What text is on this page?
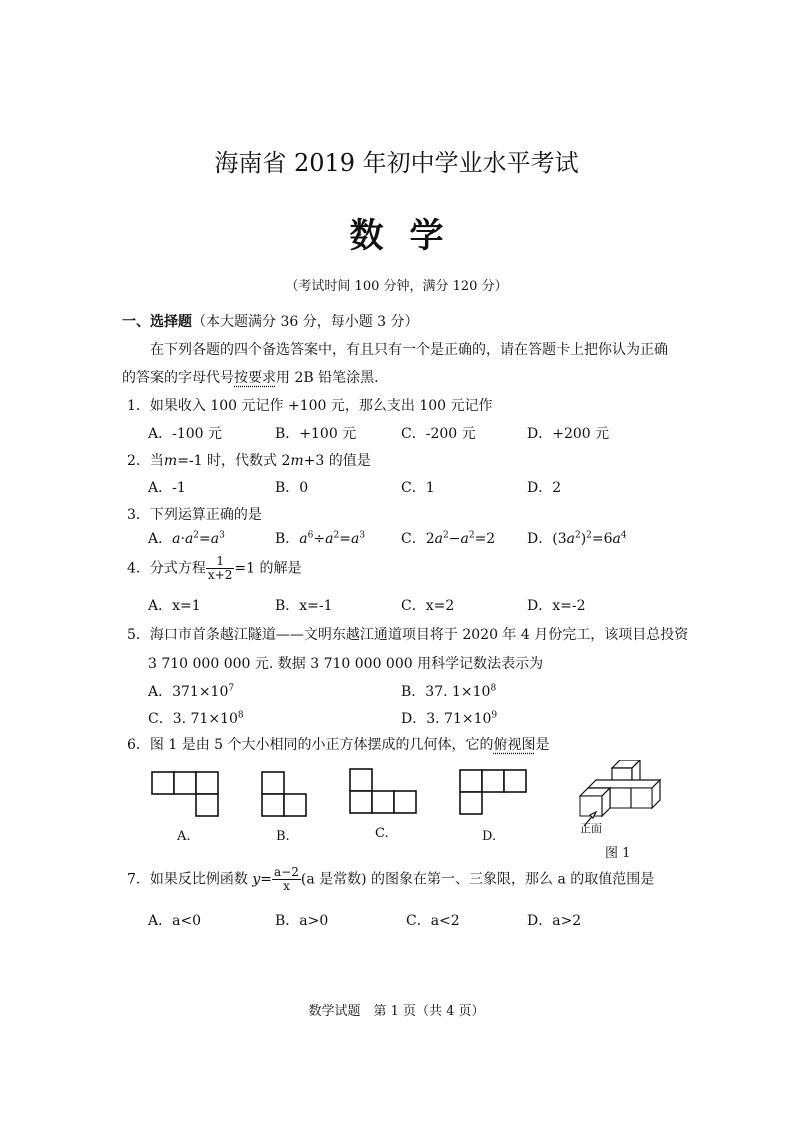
海南省 2019 年初中学业水平考试
数学
（考试时间 100 分钟，满分 120 分）
一、选择题（本大题满分 36 分，每小题 3 分）
在下列各题的四个备选答案中，有且只有一个是正确的，请在答题卡上把你认为正确
的答案的字母代号按要求用 2B 铅笔涂黑.
1．如果收入 100 元记作 +100 元，那么支出 100 元记作
A．-100 元	B．+100 元	C．-200 元	D．+200 元
2．当m=-1 时，代数式 2m+3 的值是
A．-1	B．0	C．1	D．2
3．下列运算正确的是
A．$a\cdot a^2=a^3$	B．$a^6\div a^2=a^3$	C．$2a^2-a^2=2$ D．$(3a^2)^2=6a^4$
4．分式方程 $\frac{1}{x+2} =1$ 的解是
A．x=1	B．x=-1	C．x=2	D．x=-2
5．海口市首条越江隧道——文明东越江通道项目将于 2020 年 4 月份完工，该项目总投资
3 710 000 000 元. 数据 3 710 000 000 用科学记数法表示为
A．$371\times 10^7$	B．37. $1\times 10^8$
C．3. $71\times 10^8$	D．3. $71\times 10^9$
6．图 1 是由 5 个大小相同的小正方体摆成的几何体，它的俯视图是
A.	B.	C.	D.
正面
图 1
7．如果反比例函数 $y= \frac{a-2}{x} (a$ 是常数) 的图象在第一、三象限，那么 a 的取值范围是
A．a<0	B．a>0	C．a<2	D．a>2
数学试题　第 1 页（共 4 页）
